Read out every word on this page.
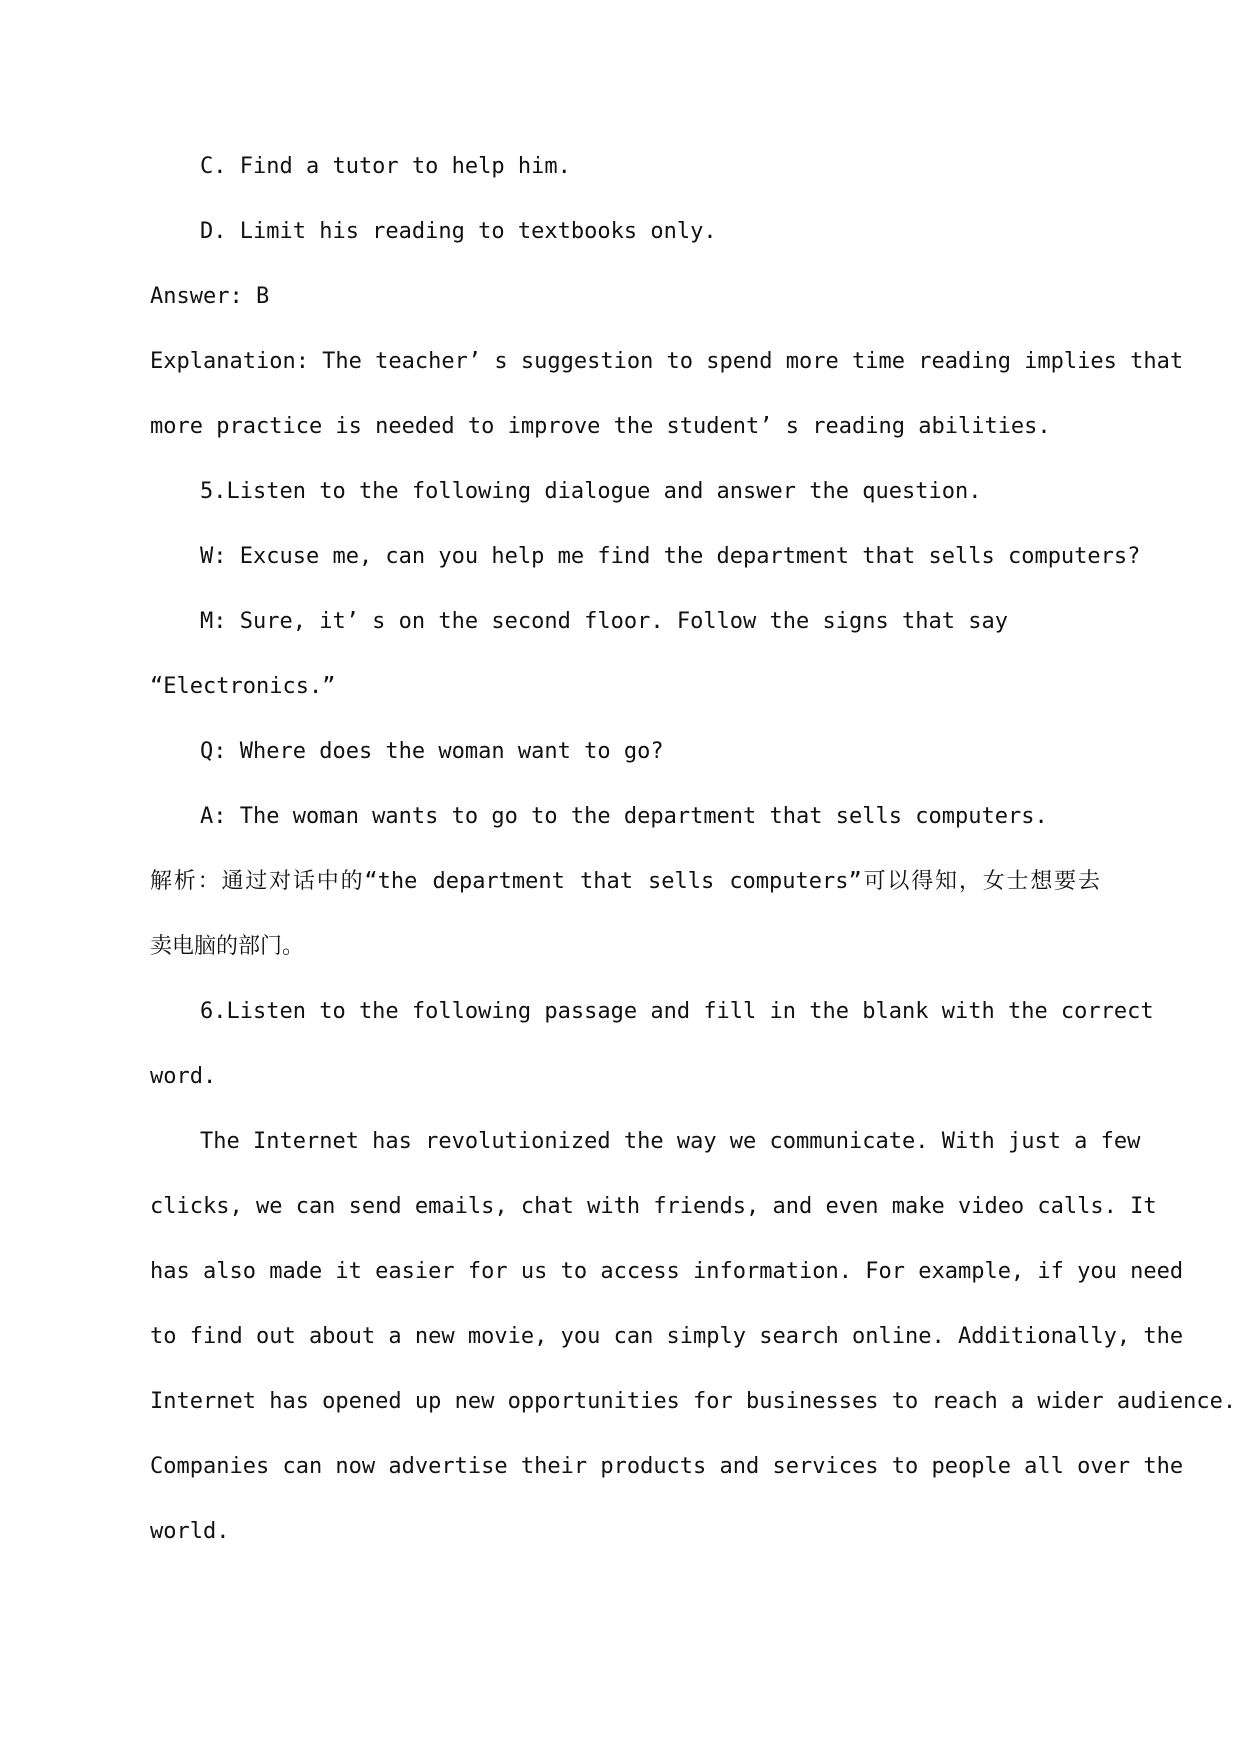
C. Find a tutor to help him.
D. Limit his reading to textbooks only.
Answer: B
Explanation: The teacher’ s suggestion to spend more time reading implies that
more practice is needed to improve the student’ s reading abilities.
5.Listen to the following dialogue and answer the question.
W: Excuse me, can you help me find the department that sells computers?
M: Sure, it’ s on the second floor. Follow the signs that say
“Electronics.”
Q: Where does the woman want to go?
A: The woman wants to go to the department that sells computers.
解析：通过对话中的“the department that sells computers”可以得知，女士想要去
卖电脑的部门。
6.Listen to the following passage and fill in the blank with the correct
word.
The Internet has revolutionized the way we communicate. With just a few
clicks, we can send emails, chat with friends, and even make video calls. It
has also made it easier for us to access information. For example, if you need
to find out about a new movie, you can simply search online. Additionally, the
Internet has opened up new opportunities for businesses to reach a wider audience.
Companies can now advertise their products and services to people all over the
world.
